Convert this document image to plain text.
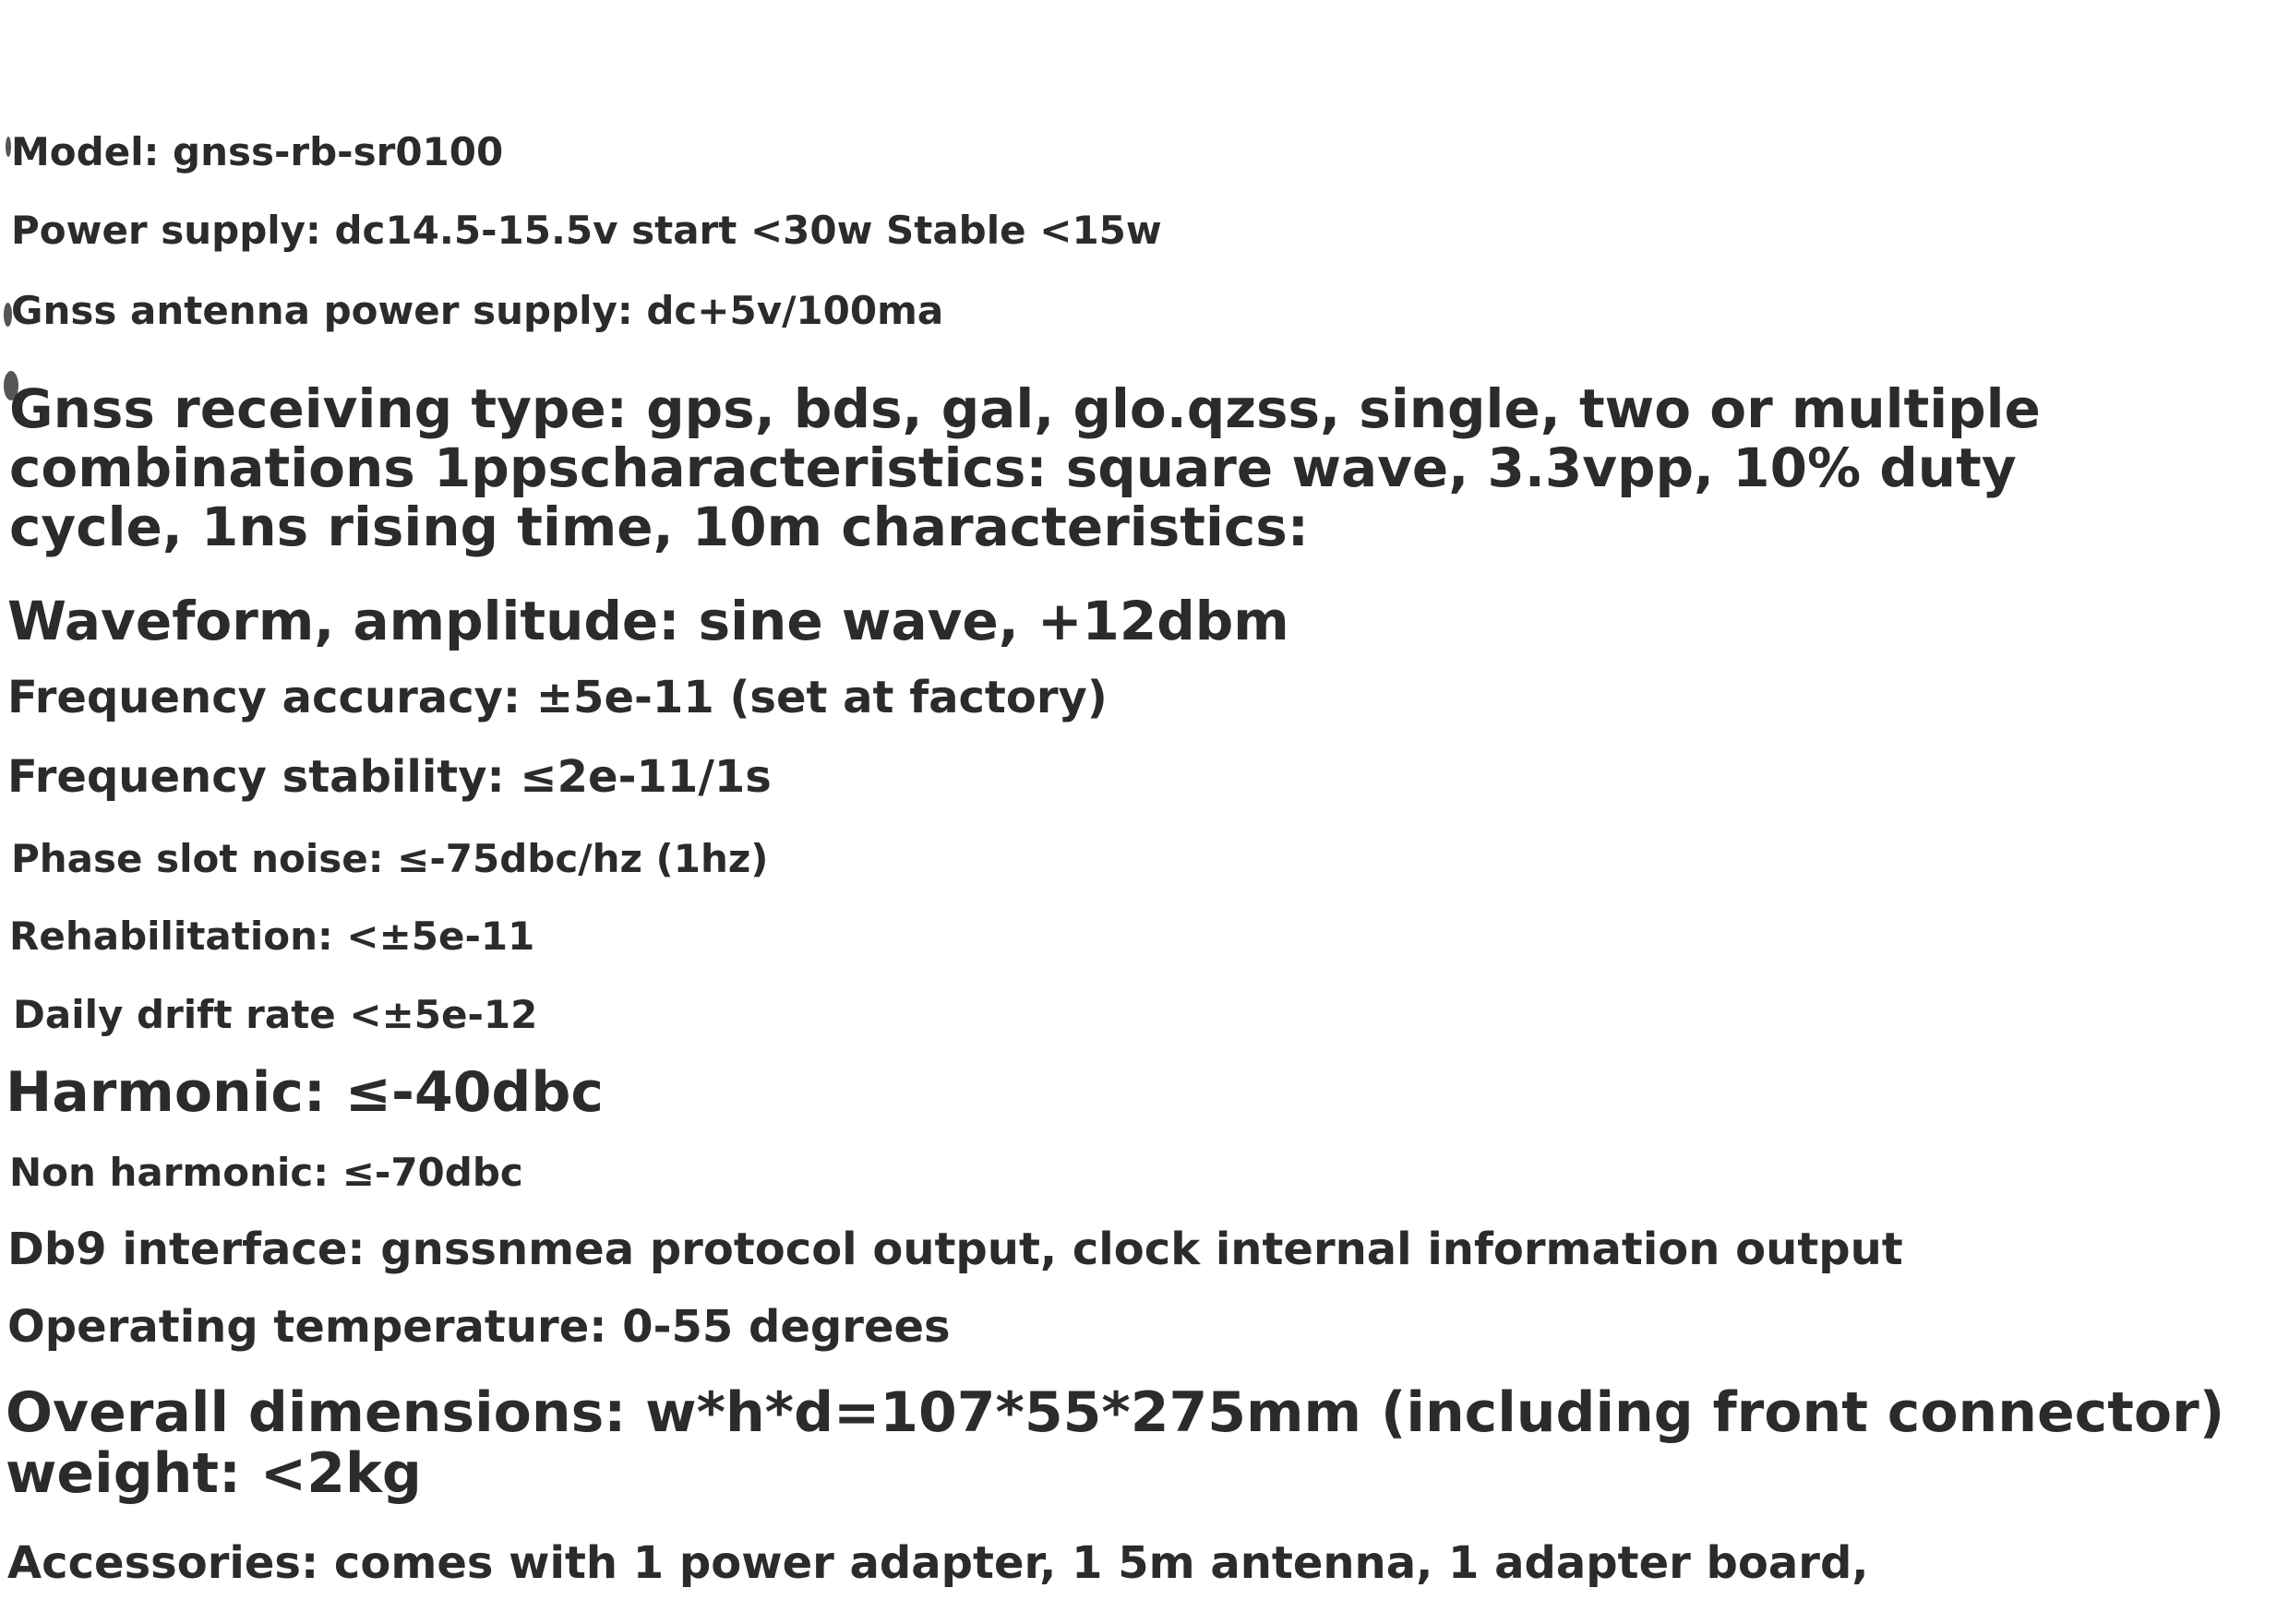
Model: gnss-rb-sr0100

Power supply: dc14.5-15.5v start <30w Stable <15w

Gnss antenna power supply: dc+5v/100ma

Gnss receiving type: gps, bds, gal, glo.qzss, single, two or multiple combinations 1ppscharacteristics: square wave, 3.3vpp, 10% duty cycle, 1ns rising time, 10m characteristics:

Waveform, amplitude: sine wave, +12dbm

Frequency accuracy: ±5e-11 (set at factory)

Frequency stability: ≤2e-11/1s

Phase slot noise: ≤-75dbc/hz (1hz)

Rehabilitation: <±5e-11

Daily drift rate <±5e-12

Harmonic: ≤-40dbc

Non harmonic: ≤-70dbc

Db9 interface: gnssnmea protocol output, clock internal information output

Operating temperature: 0-55 degrees

Overall dimensions: w*h*d=107*55*275mm (including front connector) weight: <2kg

Accessories: comes with 1 power adapter, 1 5m antenna, 1 adapter board,
